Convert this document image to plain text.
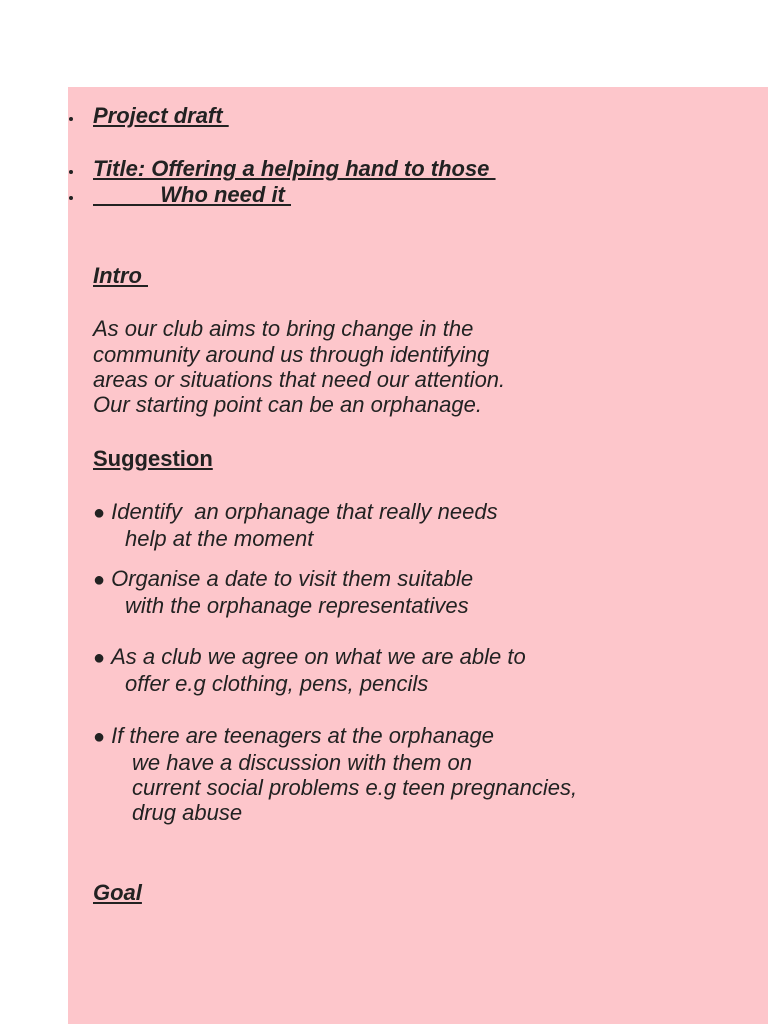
Project draft
Title: Offering a helping hand to those
Who need it
Intro
As our club aims to bring change in the
community around us through identifying
areas or situations that need our attention.
Our starting point can be an orphanage.
Suggestion
● Identify  an orphanage that really needs
help at the moment
● Organise a date to visit them suitable
with the orphanage representatives
● As a club we agree on what we are able to
offer e.g clothing, pens, pencils
● If there are teenagers at the orphanage
we have a discussion with them on
current social problems e.g teen pregnancies,
drug abuse
Goal
